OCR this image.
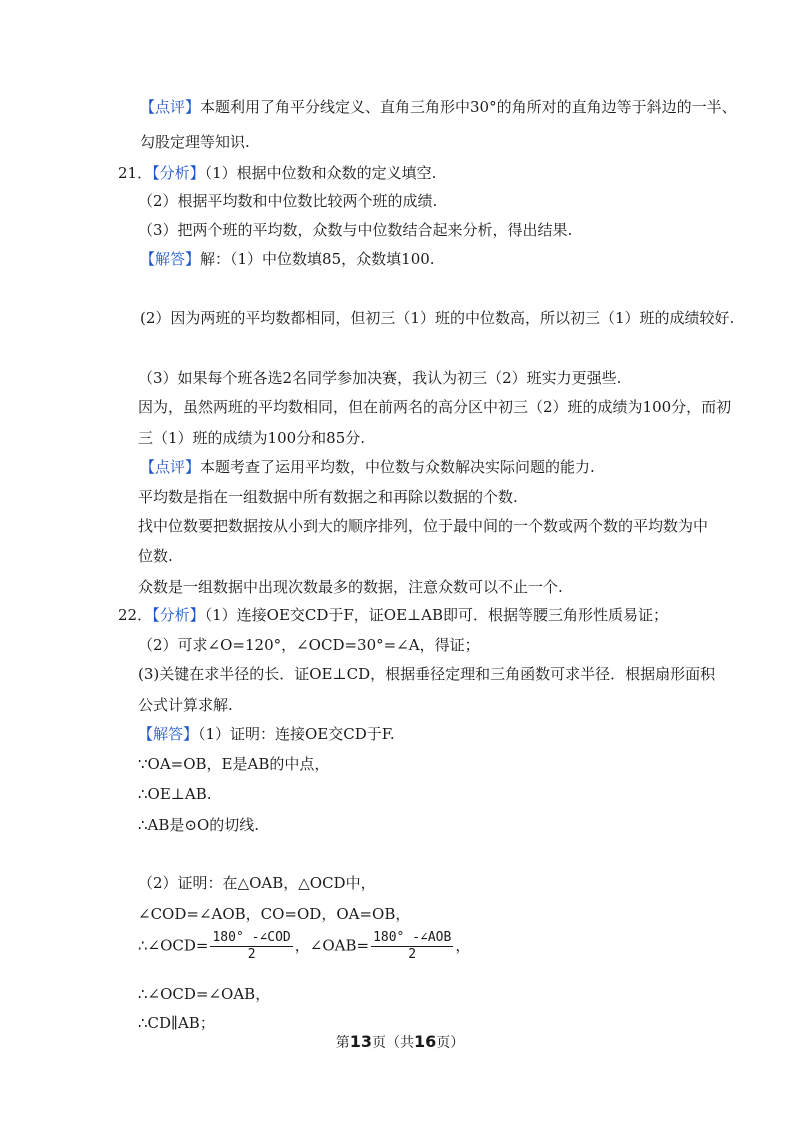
【点评】本题利用了角平分线定义、直角三角形中30°的角所对的直角边等于斜边的一半、
勾股定理等知识.
21．【分析】（1）根据中位数和众数的定义填空.
（2）根据平均数和中位数比较两个班的成绩.
（3）把两个班的平均数，众数与中位数结合起来分析，得出结果.
【解答】解：（1）中位数填85，众数填100.
(2）因为两班的平均数都相同，但初三（1）班的中位数高，所以初三（1）班的成绩较好.
（3）如果每个班各选2名同学参加决赛，我认为初三（2）班实力更强些.
因为，虽然两班的平均数相同，但在前两名的高分区中初三（2）班的成绩为100分，而初
三（1）班的成绩为100分和85分.
【点评】本题考查了运用平均数，中位数与众数解决实际问题的能力.
平均数是指在一组数据中所有数据之和再除以数据的个数.
找中位数要把数据按从小到大的顺序排列，位于最中间的一个数或两个数的平均数为中
位数.
众数是一组数据中出现次数最多的数据，注意众数可以不止一个.
22．【分析】（1）连接OE交CD于F，证OE⊥AB即可．根据等腰三角形性质易证；
（2）可求∠O=120°，∠OCD=30°=∠A，得证；
(3)关键在求半径的长．证OE⊥CD，根据垂径定理和三角函数可求半径．根据扇形面积
公式计算求解.
【解答】（1）证明：连接OE交CD于F.
∵OA=OB，E是AB的中点，
∴OE⊥AB.
∴AB是⊙O的切线.
（2）证明：在△OAB，△OCD中，
∠COD=∠AOB，CO=OD，OA=OB，
∴∠OCD= $\frac{\text{180° -∠COD}}{2}$ ，∠OAB= $\frac{\text{180° -∠AOB}}{2}$ ，
∴∠OCD=∠OAB，
∴CD∥AB；
第13页（共16页）
